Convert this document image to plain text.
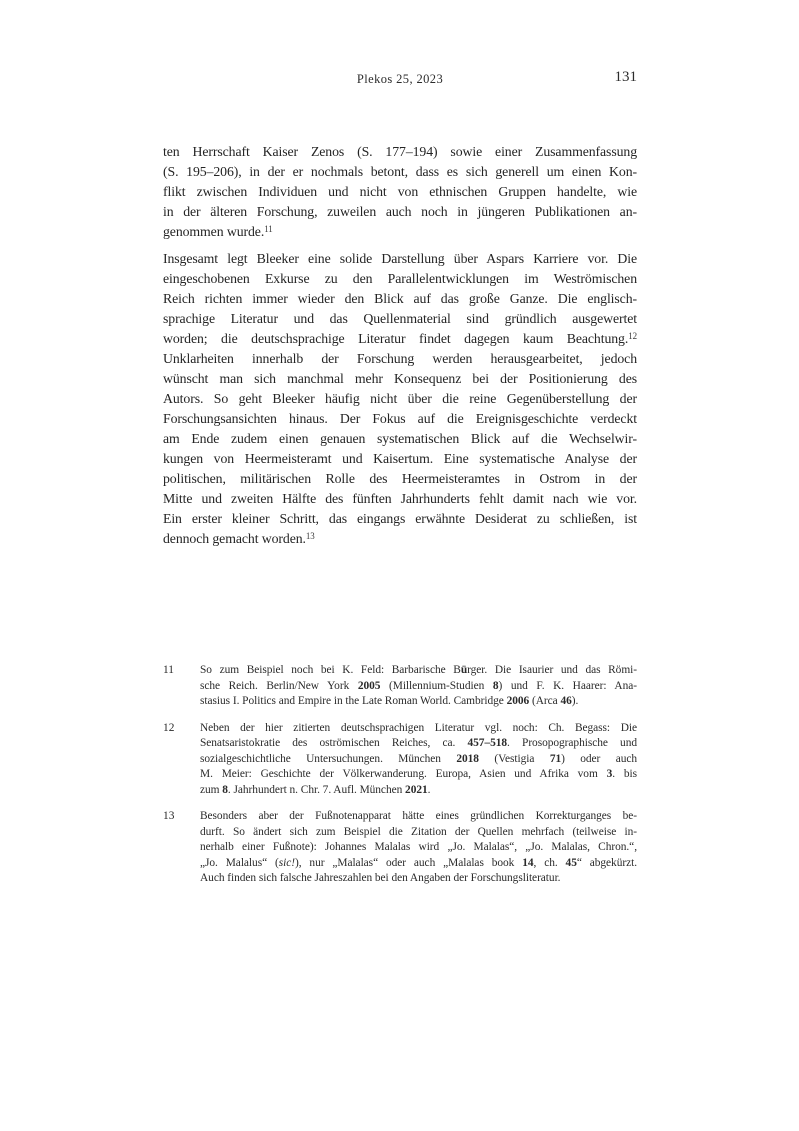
Plekos 25, 2023	131
ten Herrschaft Kaiser Zenos (S. 177–194) sowie einer Zusammenfassung
(S. 195–206), in der er nochmals betont, dass es sich generell um einen Kon-
flikt zwischen Individuen und nicht von ethnischen Gruppen handelte, wie
in der älteren Forschung, zuweilen auch noch in jüngeren Publikationen an-
genommen wurde.$^{11}$
Insgesamt legt Bleeker eine solide Darstellung über Aspars Karriere vor. Die
eingeschobenen Exkurse zu den Parallelentwicklungen im Weströmischen
Reich richten immer wieder den Blick auf das große Ganze. Die englisch-
sprachige Literatur und das Quellenmaterial sind gründlich ausgewertet
worden; die deutschsprachige Literatur findet dagegen kaum Beachtung.$^{12}$
Unklarheiten innerhalb der Forschung werden herausgearbeitet, jedoch
wünscht man sich manchmal mehr Konsequenz bei der Positionierung des
Autors. So geht Bleeker häufig nicht über die reine Gegenüberstellung der
Forschungsansichten hinaus. Der Fokus auf die Ereignisgeschichte verdeckt
am Ende zudem einen genauen systematischen Blick auf die Wechselwir-
kungen von Heermeisteramt und Kaisertum. Eine systematische Analyse der
politischen, militärischen Rolle des Heermeisteramtes in Ostrom in der
Mitte und zweiten Hälfte des fünften Jahrhunderts fehlt damit nach wie vor.
Ein erster kleiner Schritt, das eingangs erwähnte Desiderat zu schließen, ist
dennoch gemacht worden.$^{13}$
11 So zum Beispiel noch bei K. Feld: Barbarische Bürger. Die Isaurier und das Römi-
sche Reich. Berlin/New York 2005 (Millennium-Studien 8) und F. K. Haarer: Ana-
stasius I. Politics and Empire in the Late Roman World. Cambridge 2006 (Arca 46).
12 Neben der hier zitierten deutschsprachigen Literatur vgl. noch: Ch. Begass: Die
Senatsaristokratie des oströmischen Reiches, ca. 457–518. Prosopographische und
sozialgeschichtliche Untersuchungen. München 2018 (Vestigia 71) oder auch
M. Meier: Geschichte der Völkerwanderung. Europa, Asien und Afrika vom 3. bis
zum 8. Jahrhundert n. Chr. 7. Aufl. München 2021.
13 Besonders aber der Fußnotenapparat hätte eines gründlichen Korrekturganges be-
durft. So ändert sich zum Beispiel die Zitation der Quellen mehrfach (teilweise in-
nerhalb einer Fußnote): Johannes Malalas wird „Jo. Malalas“, „Jo. Malalas, Chron.“,
„Jo. Malalus“ (sic!), nur „Malalas“ oder auch „Malalas book 14, ch. 45“ abgekürzt.
Auch finden sich falsche Jahreszahlen bei den Angaben der Forschungsliteratur.
